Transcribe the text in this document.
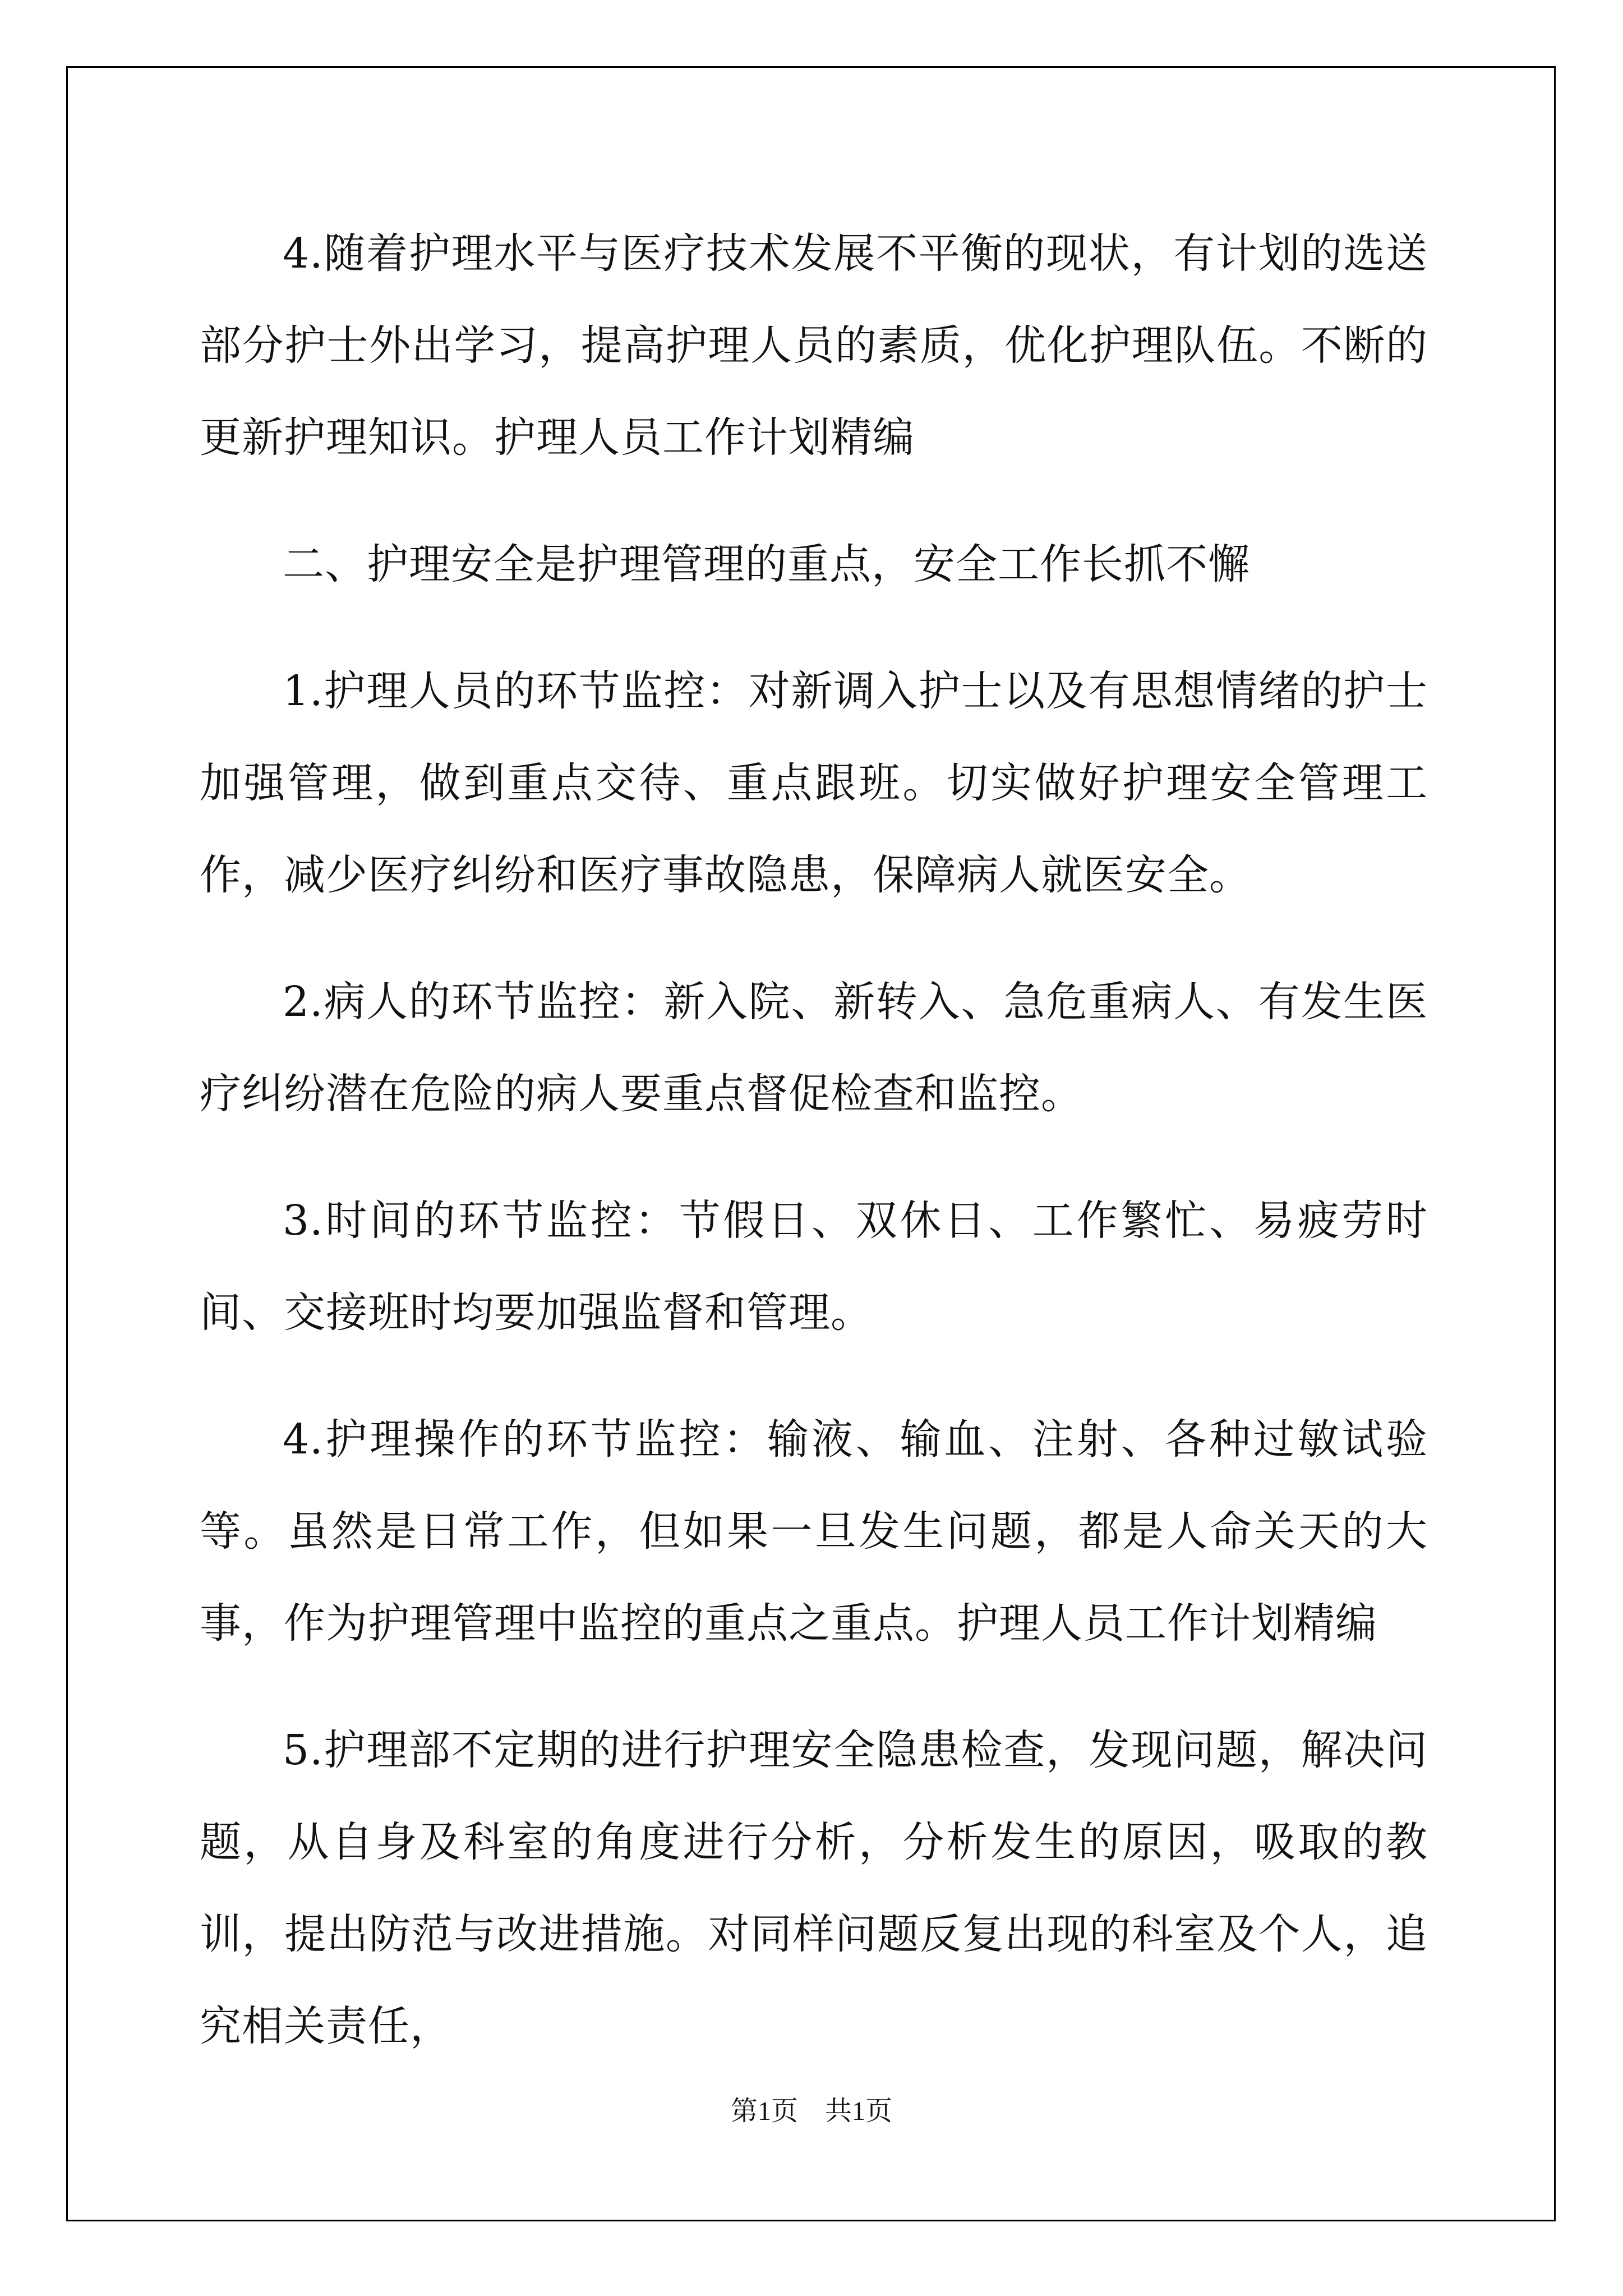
4.随着护理水平与医疗技术发展不平衡的现状，有计划的选送部分护士外出学习，提高护理人员的素质，优化护理队伍。不断的更新护理知识。护理人员工作计划精编

二、护理安全是护理管理的重点，安全工作长抓不懈

1.护理人员的环节监控：对新调入护士以及有思想情绪的护士加强管理，做到重点交待、重点跟班。切实做好护理安全管理工作，减少医疗纠纷和医疗事故隐患，保障病人就医安全。

2.病人的环节监控：新入院、新转入、急危重病人、有发生医疗纠纷潜在危险的病人要重点督促检查和监控。

3.时间的环节监控：节假日、双休日、工作繁忙、易疲劳时间、交接班时均要加强监督和管理。

4.护理操作的环节监控：输液、输血、注射、各种过敏试验等。虽然是日常工作，但如果一旦发生问题，都是人命关天的大事，作为护理管理中监控的重点之重点。护理人员工作计划精编

5.护理部不定期的进行护理安全隐患检查，发现问题，解决问题，从自身及科室的角度进行分析，分析发生的原因，吸取的教训，提出防范与改进措施。对同样问题反复出现的科室及个人，追究相关责任，

第1页　共1页
